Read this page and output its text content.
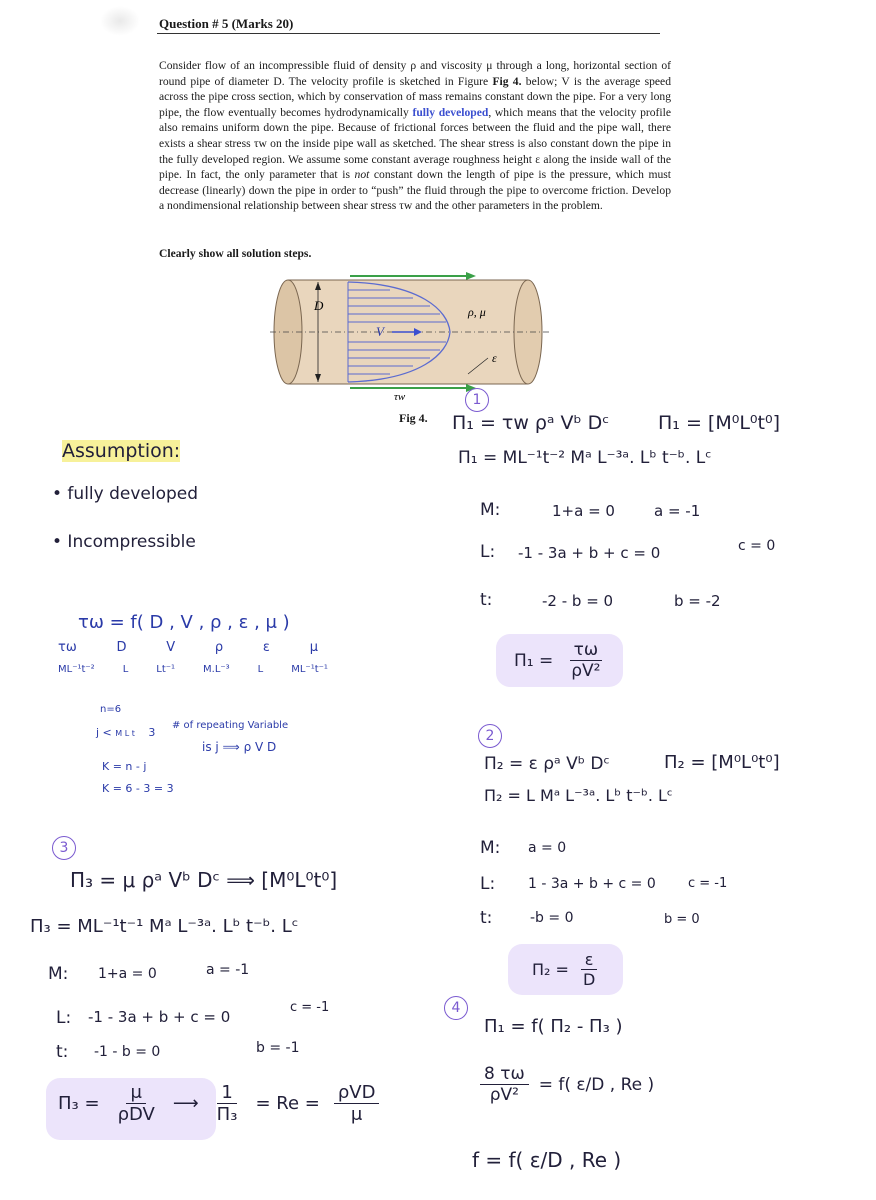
Question # 5 (Marks 20)
Consider flow of an incompressible fluid of density ρ and viscosity μ through a long, horizontal section of round pipe of diameter D. The velocity profile is sketched in Figure Fig 4. below; V is the average speed across the pipe cross section, which by conservation of mass remains constant down the pipe. For a very long pipe, the flow eventually becomes hydrodynamically fully developed, which means that the velocity profile also remains uniform down the pipe. Because of frictional forces between the fluid and the pipe wall, there exists a shear stress τw on the inside pipe wall as sketched. The shear stress is also constant down the pipe in the fully developed region. We assume some constant average roughness height ε along the inside wall of the pipe. In fact, the only parameter that is not constant down the length of pipe is the pressure, which must decrease (linearly) down the pipe in order to “push” the fluid through the pipe to overcome friction. Develop a nondimensional relationship between shear stress τw and the other parameters in the problem.
Clearly show all solution steps.
D
V
ρ, μ
ε
τw
Fig 4.
Assumption:
• fully developed
• Incompressible
τω = f( D , V , ρ , ε , μ )
τω	D	V	ρ	ε	μ
ML⁻¹t⁻²	L	Lt⁻¹	M.L⁻³	L	ML⁻¹t⁻¹
n=6
j < M L t 3
# of repeating Variable
is j ⟹ ρ V D
K = n - j
K = 6 - 3 = 3
1
Π₁ = τw ρᵃ Vᵇ Dᶜ	Π₁ = [M⁰L⁰t⁰]
Π₁ = ML⁻¹t⁻² Mᵃ L⁻³ᵃ. Lᵇ t⁻ᵇ. Lᶜ
M:	1+a = 0	a = -1
L: -1 - 3a + b + c = 0	c = 0
t:	-2 - b = 0	b = -2
$\Pi_1 = \frac{\tau\omega}{\text{ρV²}}$
2
Π₂ = ε ρᵃ Vᵇ Dᶜ	Π₂ = [M⁰L⁰t⁰]
Π₂ = L Mᵃ L⁻³ᵃ. Lᵇ t⁻ᵇ. Lᶜ
M: a = 0
L: 1 - 3a + b + c = 0 c = -1
t:	-b = 0	b = 0
$\Pi_2 = \frac{\varepsilon}{D}$
3
Π₃ = μ ρᵃ Vᵇ Dᶜ ⟹ [M⁰L⁰t⁰]
Π₃ = ML⁻¹t⁻¹ Mᵃ L⁻³ᵃ. Lᵇ t⁻ᵇ. Lᶜ
M: 1+a = 0	a = -1
L: -1 - 3a + b + c = 0
c = -1
t: -1 - b = 0	b = -1
$\Pi_3 = \frac{\mu}{\text{ρDV}}$ ⟶ $\frac{1}{\text{Π₃}} = Re = \frac{\text{ρVD}}{\mu}$
4
Π₁ = f( Π₂ - Π₃ )
$\frac{8 \tau\omega}{\text{ρV²}} = f$( ε/D , Re )
f = f( ε/D , Re )
